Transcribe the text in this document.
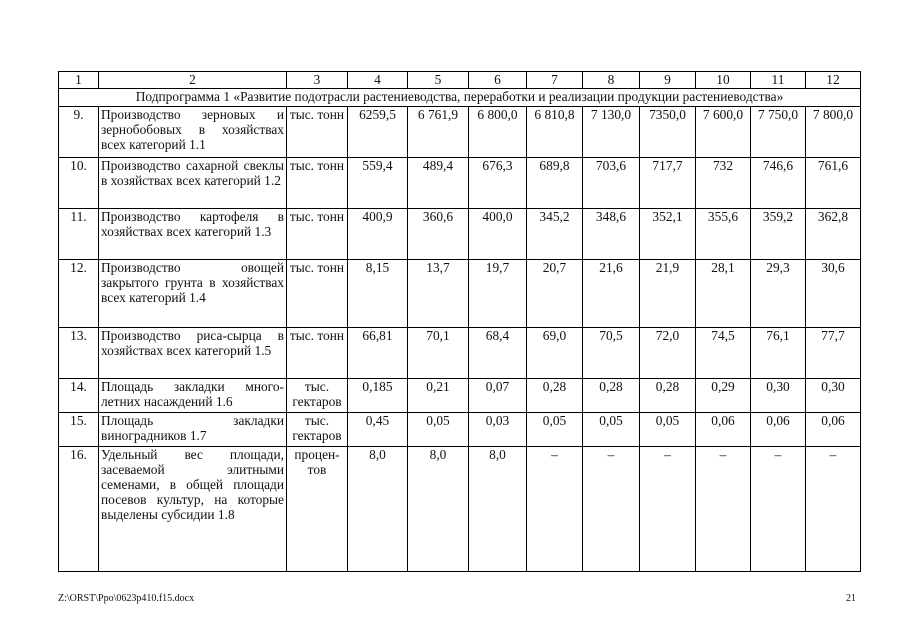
1	2	3	4	5	6	7	8	9	10	11	12
Подпрограмма 1 «Развитие подотрасли растениеводства, переработки и реализации продукции растениеводства»											
9.	Производство зерновых и зернобобовых в хозяйствах всех категорий 1.1	тыс. тонн	6259,5	6 761,9	6 800,0	6 810,8	7 130,0	7350,0	7 600,0	7 750,0	7 800,0
10.	Производство сахарной свеклы в хозяйствах всех категорий 1.2	тыс. тонн	559,4	489,4	676,3	689,8	703,6	717,7	732	746,6	761,6
11.	Производство картофеля в хозяйствах всех категорий 1.3	тыс. тонн	400,9	360,6	400,0	345,2	348,6	352,1	355,6	359,2	362,8
12.	Производство овощей закрытого грунта в хозяйствах всех категорий 1.4	тыс. тонн	8,15	13,7	19,7	20,7	21,6	21,9	28,1	29,3	30,6
13.	Производство риса-сырца в хозяйствах всех категорий 1.5	тыс. тонн	66,81	70,1	68,4	69,0	70,5	72,0	74,5	76,1	77,7
14.	Площадь закладки много-летних насаждений 1.6	тыс. гектаров	0,185	0,21	0,07	0,28	0,28	0,28	0,29	0,30	0,30
15.	Площадь закладки виноградников 1.7	тыс. гектаров	0,45	0,05	0,03	0,05	0,05	0,05	0,06	0,06	0,06
16.	Удельный вес площади, засеваемой элитными семенами, в общей площади посевов культур, на которые выделены субсидии 1.8	процен-тов	8,0	8,0	8,0	–	–	–	–	–	–
Z:\ORST\Ppo\0623p410.f15.docx	21
